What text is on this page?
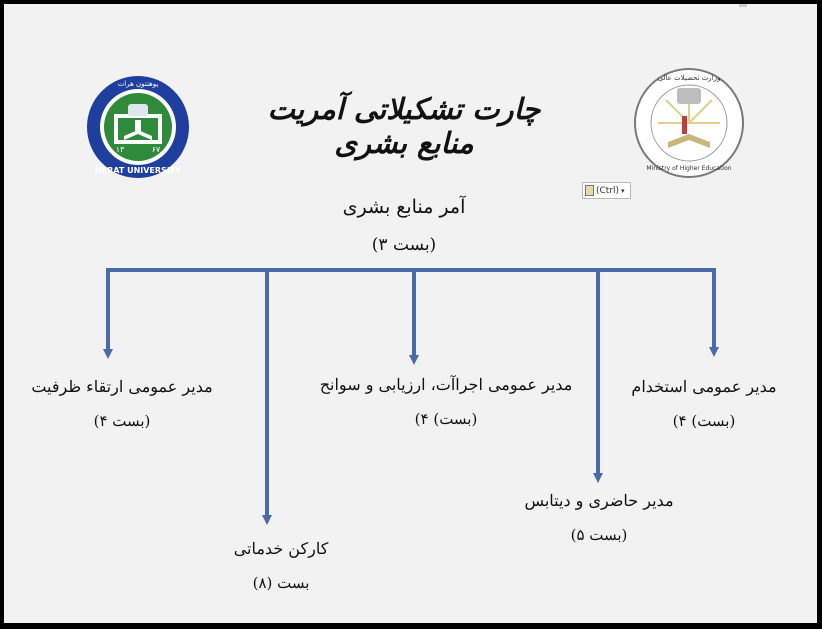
HERAT UNIVERSITY
پوهنتون هرات
۱۳	۶۷
Ministry of Higher Education
وزارت تحصیلات عالی
چارت تشکیلاتی آمریت منابع بشری
(Ctrl) ▾
آمر منابع بشری
(بست ۳)
مدیر عمومی استخدام
(بست) ۴)
مدیر حاضری و دیتابس
(بست ۵)
مدیر عمومی اجراآت، ارزیابی و سوانح
(بست) ۴)
کارکن خدماتی
بست (۸)
مدیر عمومی ارتقاء ظرفیت
(بست ۴)
